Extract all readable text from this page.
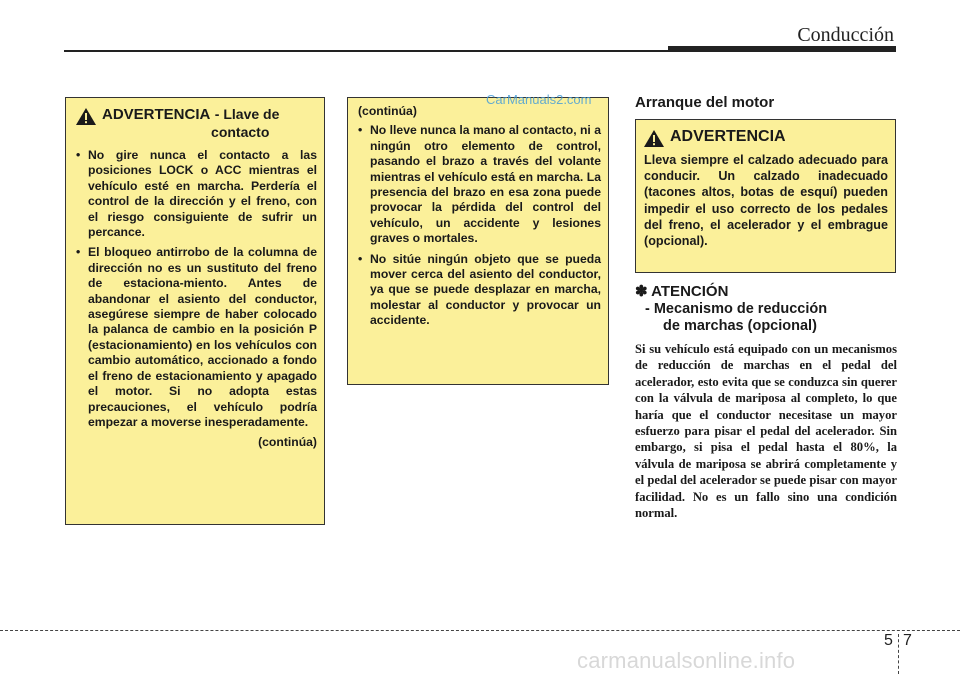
Conducción
ADVERTENCIA - Llave de
contacto
• No gire nunca el contacto a las posiciones LOCK o ACC mientras el vehículo esté en marcha. Perdería el control de la dirección y el freno, con el riesgo consiguiente de sufrir un percance.
• El bloqueo antirrobo de la columna de dirección no es un sustituto del freno de estaciona-miento. Antes de abandonar el asiento del conductor, asegúrese siempre de haber colocado la palanca de cambio en la posición P (estacionamiento) en los vehículos con cambio automático, accionado a fondo el freno de estacionamiento y apagado el motor. Si no adopta estas precauciones, el vehículo podría empezar a moverse inesperadamente.
(continúa)
(continúa)
• No lleve nunca la mano al contacto, ni a ningún otro elemento de control, pasando el brazo a través del volante mientras el vehículo está en marcha. La presencia del brazo en esa zona puede provocar la pérdida del control del vehículo, un accidente y lesiones graves o mortales.
• No sitúe ningún objeto que se pueda mover cerca del asiento del conductor, ya que se puede desplazar en marcha, molestar al conductor y provocar un accidente.
CarManuals2.com	Arranque del motor
ADVERTENCIA
Lleva siempre el calzado adecuado para conducir. Un calzado inadecuado (tacones altos, botas de esquí) pueden impedir el uso correcto de los pedales del freno, el acelerador y el embrague (opcional).
✽ ATENCIÓN
- Mecanismo de reducción
de marchas (opcional)
Si su vehículo está equipado con un mecanismos de reducción de marchas en el pedal del acelerador, esto evita que se conduzca sin querer con la válvula de mariposa al completo, lo que haría que el conductor necesitase un mayor esfuerzo para pisar el pedal del acelerador. Sin embargo, si pisa el pedal hasta el 80%, la válvula de mariposa se abrirá completamente y el pedal del acelerador se puede pisar con mayor facilidad. No es un fallo sino una condición normal.
5 7
carmanualsonline.info
